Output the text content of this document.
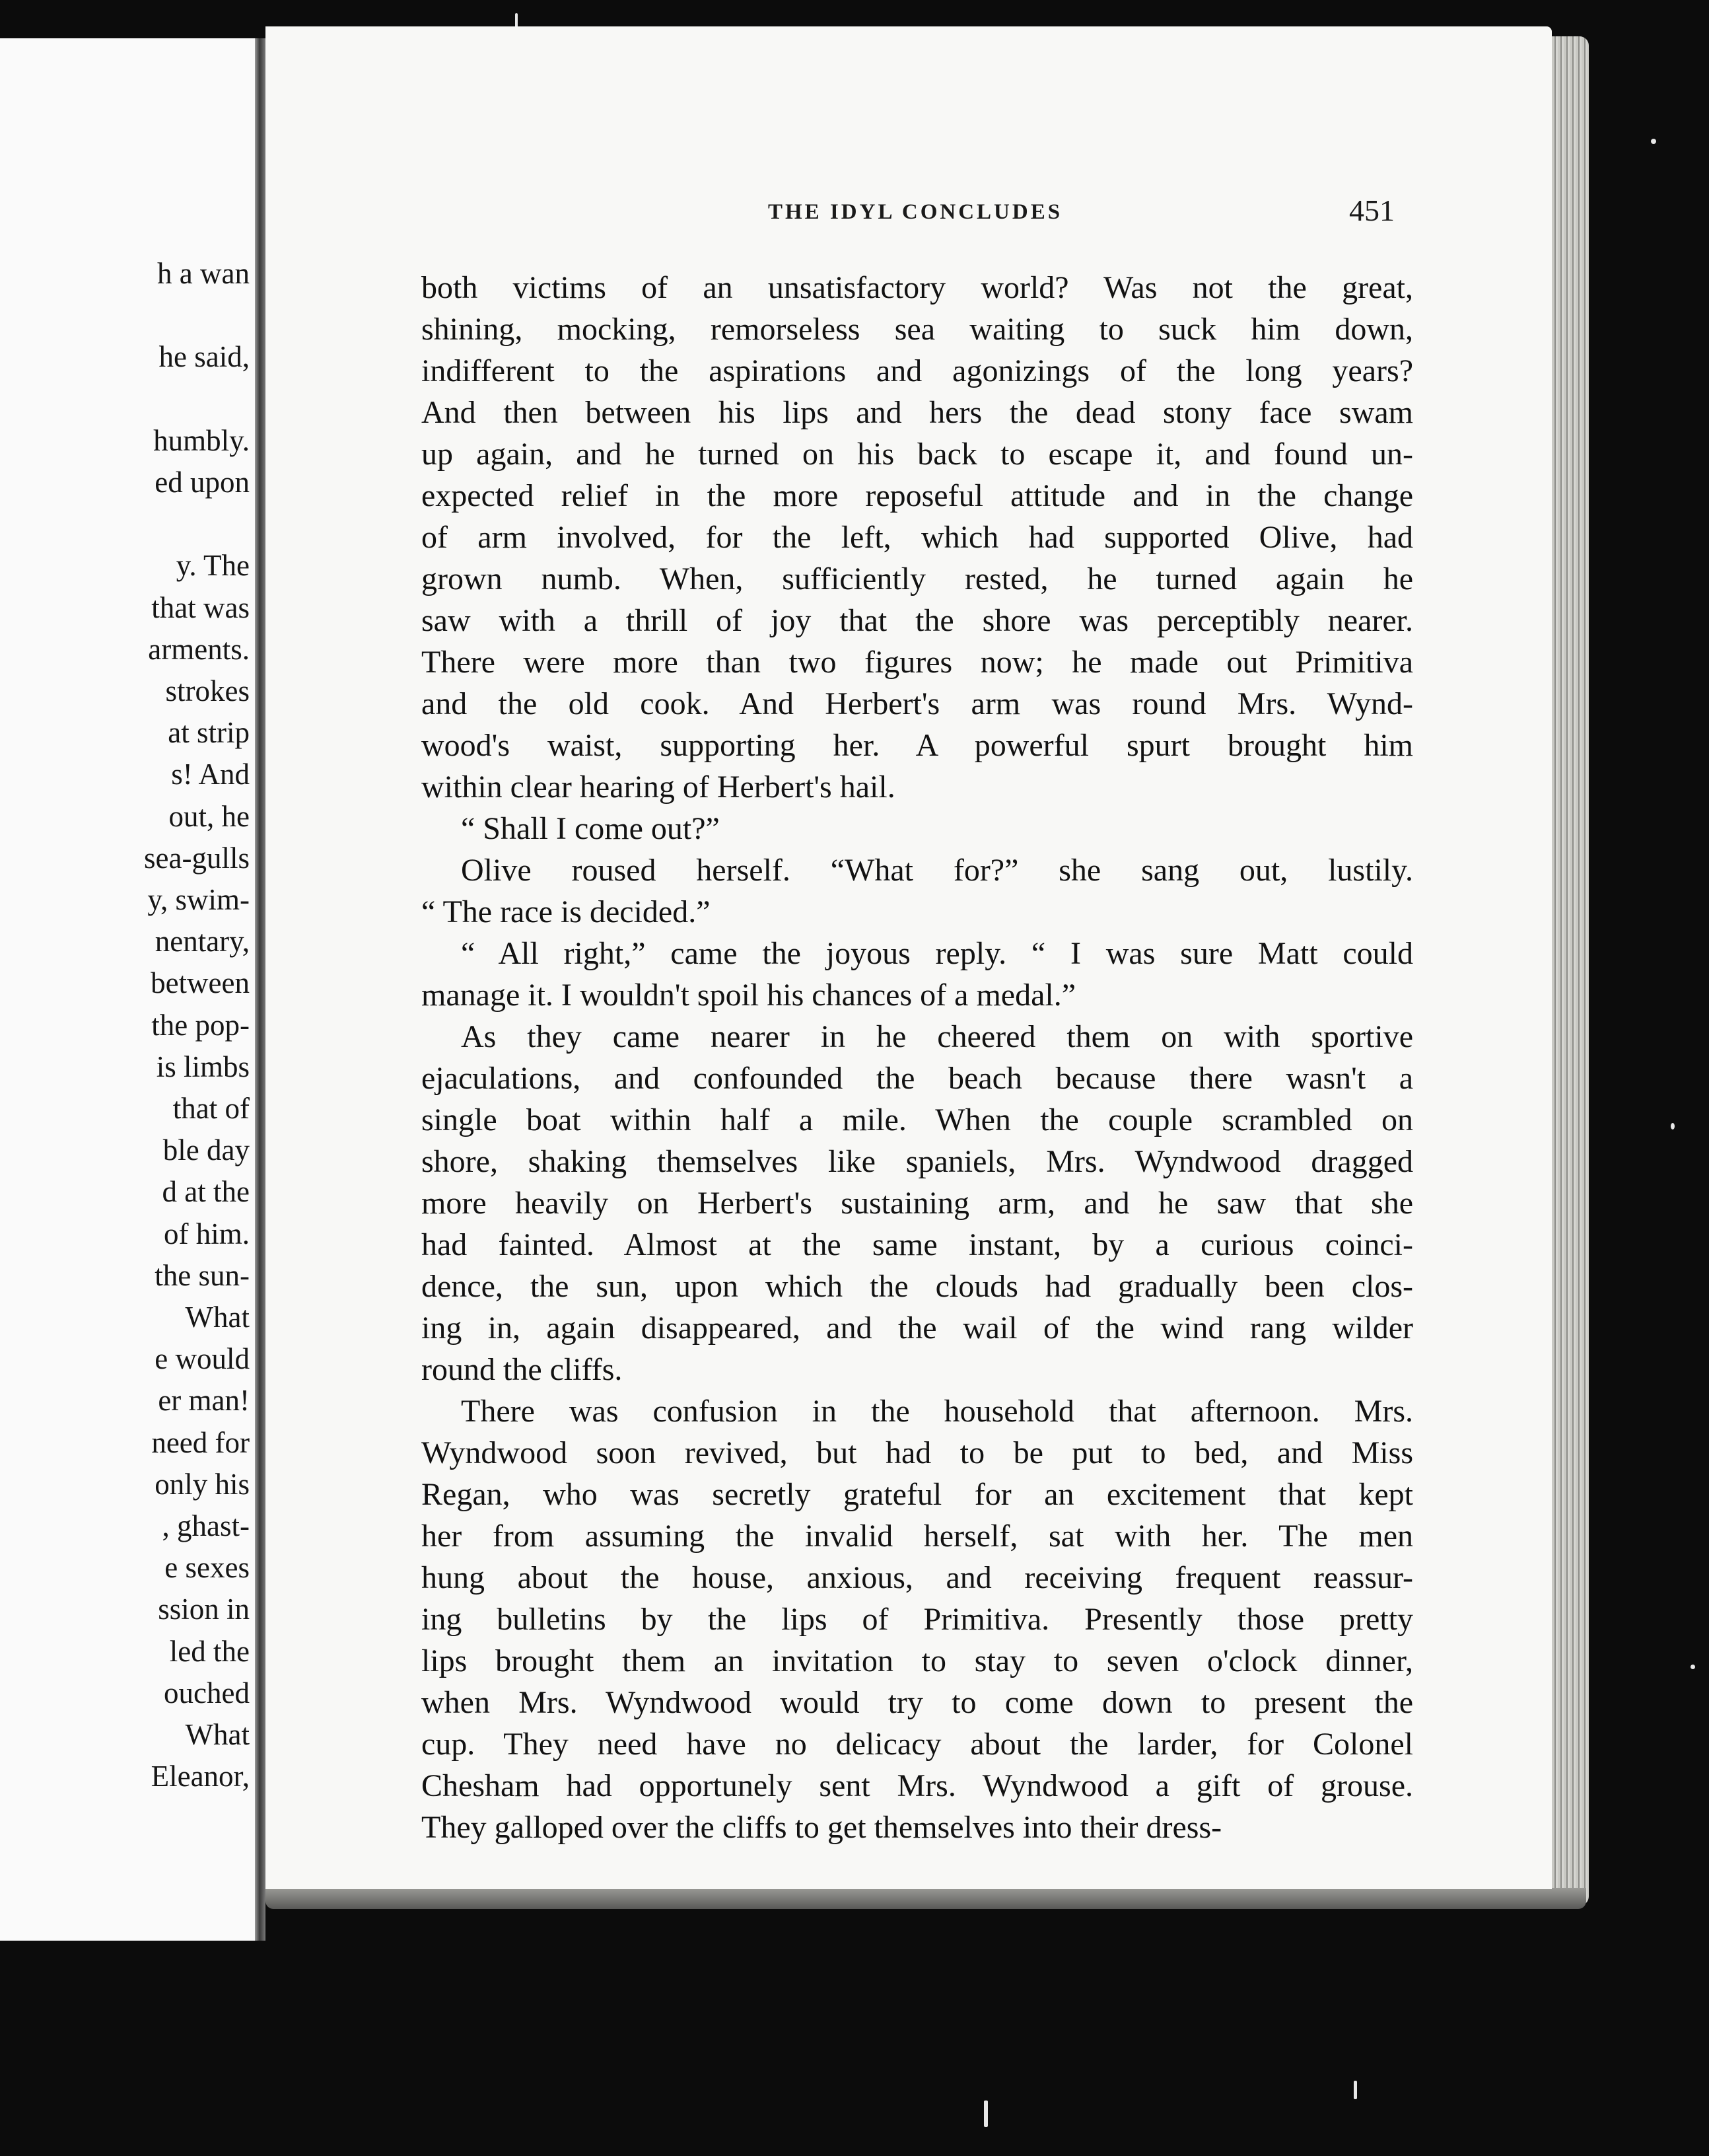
h a wan
he said,
humbly.
ed upon
y. The
that was
arments.
strokes
at strip
s! And
out, he
sea-gulls
y, swim-
nentary,
between
the pop-
is limbs
that of
ble day
d at the
of him.
the sun-
What
e would
er man!
need for
only his
, ghast-
e sexes
ssion in
led the
ouched
What
Eleanor,
THE IDYL CONCLUDES	451
both victims of an unsatisfactory world? Was not the great,
shining, mocking, remorseless sea waiting to suck him down,
indifferent to the aspirations and agonizings of the long years?
And then between his lips and hers the dead stony face swam
up again, and he turned on his back to escape it, and found un-
expected relief in the more reposeful attitude and in the change
of arm involved, for the left, which had supported Olive, had
grown numb. When, sufficiently rested, he turned again he
saw with a thrill of joy that the shore was perceptibly nearer.
There were more than two figures now; he made out Primitiva
and the old cook. And Herbert's arm was round Mrs. Wynd-
wood's waist, supporting her. A powerful spurt brought him
within clear hearing of Herbert's hail.
“ Shall I come out?”
Olive roused herself. “What for?” she sang out, lustily.
“ The race is decided.”
“ All right,” came the joyous reply. “ I was sure Matt could
manage it. I wouldn't spoil his chances of a medal.”
As they came nearer in he cheered them on with sportive
ejaculations, and confounded the beach because there wasn't a
single boat within half a mile. When the couple scrambled on
shore, shaking themselves like spaniels, Mrs. Wyndwood dragged
more heavily on Herbert's sustaining arm, and he saw that she
had fainted. Almost at the same instant, by a curious coinci-
dence, the sun, upon which the clouds had gradually been clos-
ing in, again disappeared, and the wail of the wind rang wilder
round the cliffs.
There was confusion in the household that afternoon. Mrs.
Wyndwood soon revived, but had to be put to bed, and Miss
Regan, who was secretly grateful for an excitement that kept
her from assuming the invalid herself, sat with her. The men
hung about the house, anxious, and receiving frequent reassur-
ing bulletins by the lips of Primitiva. Presently those pretty
lips brought them an invitation to stay to seven o'clock dinner,
when Mrs. Wyndwood would try to come down to present the
cup. They need have no delicacy about the larder, for Colonel
Chesham had opportunely sent Mrs. Wyndwood a gift of grouse.
They galloped over the cliffs to get themselves into their dress-
